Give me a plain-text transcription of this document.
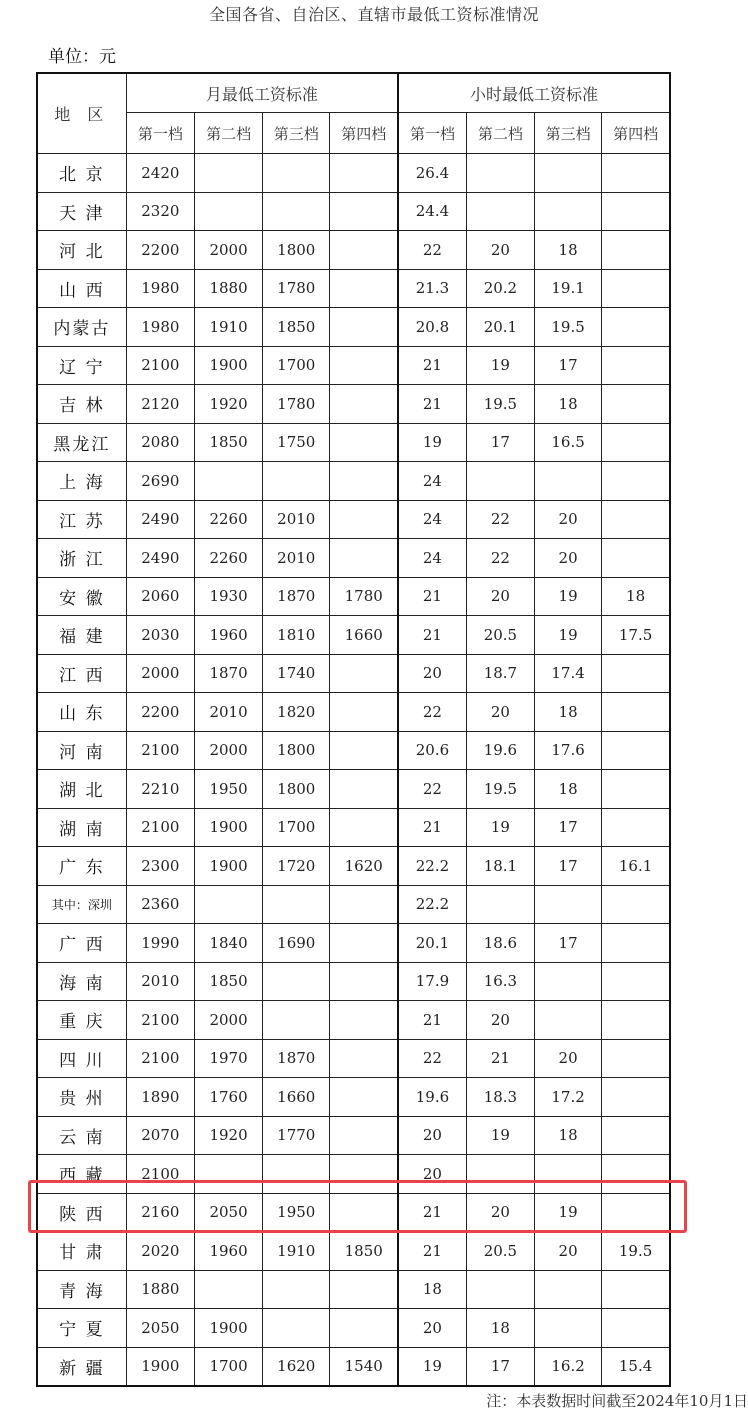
全国各省、自治区、直辖市最低工资标准情况
单位：元
地 区	月最低工资标准				小时最低工资标准			
	第一档	第二档	第三档	第四档	第一档	第二档	第三档	第四档
北 京	2420				26.4			
天 津	2320				24.4			
河 北	2200	2000	1800		22	20	18	
山 西	1980	1880	1780		21.3	20.2	19.1	
内蒙古	1980	1910	1850		20.8	20.1	19.5	
辽 宁	2100	1900	1700		21	19	17	
吉 林	2120	1920	1780		21	19.5	18	
黑龙江	2080	1850	1750		19	17	16.5	
上 海	2690				24			
江 苏	2490	2260	2010		24	22	20	
浙 江	2490	2260	2010		24	22	20	
安 徽	2060	1930	1870	1780	21	20	19	18
福 建	2030	1960	1810	1660	21	20.5	19	17.5
江 西	2000	1870	1740		20	18.7	17.4	
山 东	2200	2010	1820		22	20	18	
河 南	2100	2000	1800		20.6	19.6	17.6	
湖 北	2210	1950	1800		22	19.5	18	
湖 南	2100	1900	1700		21	19	17	
广 东	2300	1900	1720	1620	22.2	18.1	17	16.1
其中：深圳	2360				22.2			
广 西	1990	1840	1690		20.1	18.6	17	
海 南	2010	1850			17.9	16.3		
重 庆	2100	2000			21	20		
四 川	2100	1970	1870		22	21	20	
贵 州	1890	1760	1660		19.6	18.3	17.2	
云 南	2070	1920	1770		20	19	18	
西 藏	2100				20			
陕 西	2160	2050	1950		21	20	19	
甘 肃	2020	1960	1910	1850	21	20.5	20	19.5
青 海	1880				18			
宁 夏	2050	1900			20	18		
新 疆	1900	1700	1620	1540	19	17	16.2	15.4
注：本表数据时间截至2024年10月1日
